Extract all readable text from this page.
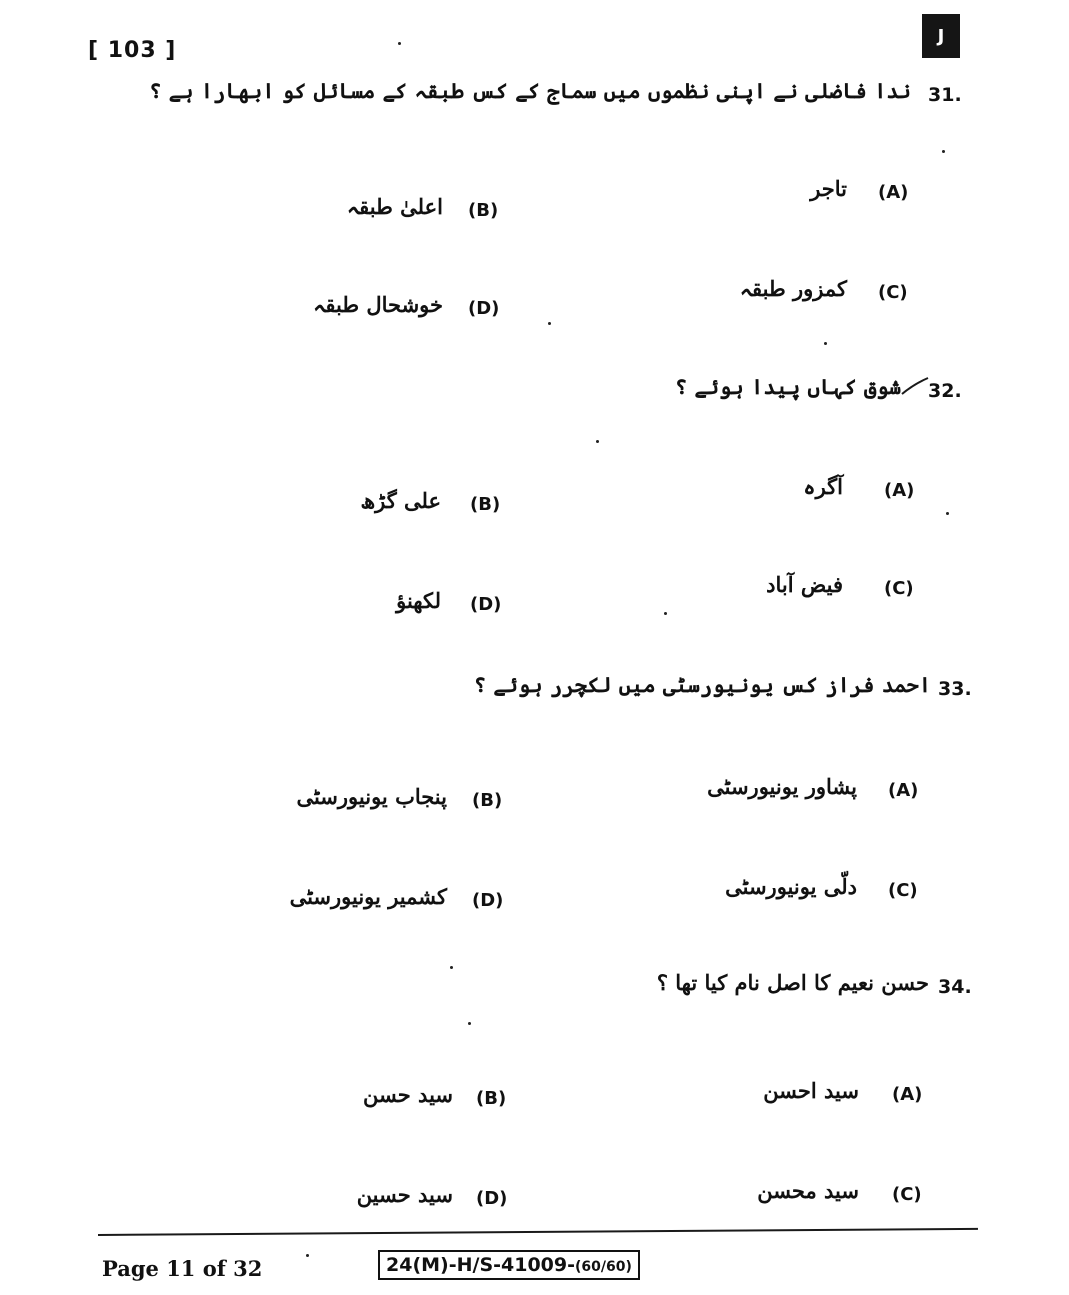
[ 103 ]
J
31.
ندا فاضلی نے اپنی نظموں میں سماج کے کس طبقہ کے مسائل کو ابھارا ہے ؟
(A)
تاجر
(B)
اعلیٰ طبقہ
(C)
کمزور طبقہ
(D)
خوشحال طبقہ
32.
شوق کہاں پیدا ہوئے ؟
(A)
آگرہ
(B)
علی گڑھ
(C)
فیض آباد
(D)
لکھنؤ
33.
احمد فراز کس یونیورسٹی میں لکچرر ہوئے ؟
(A)
پشاور یونیورسٹی
(B)
پنجاب یونیورسٹی
(C)
دلّی یونیورسٹی
(D)
کشمیر یونیورسٹی
34.
حسن نعیم کا اصل نام کیا تھا ؟
(A)
سید احسن
(B)
سید حسن
(C)
سید محسن
(D)
سید حسین
Page 11 of 32	24(M)-H/S-41009-(60/60)
